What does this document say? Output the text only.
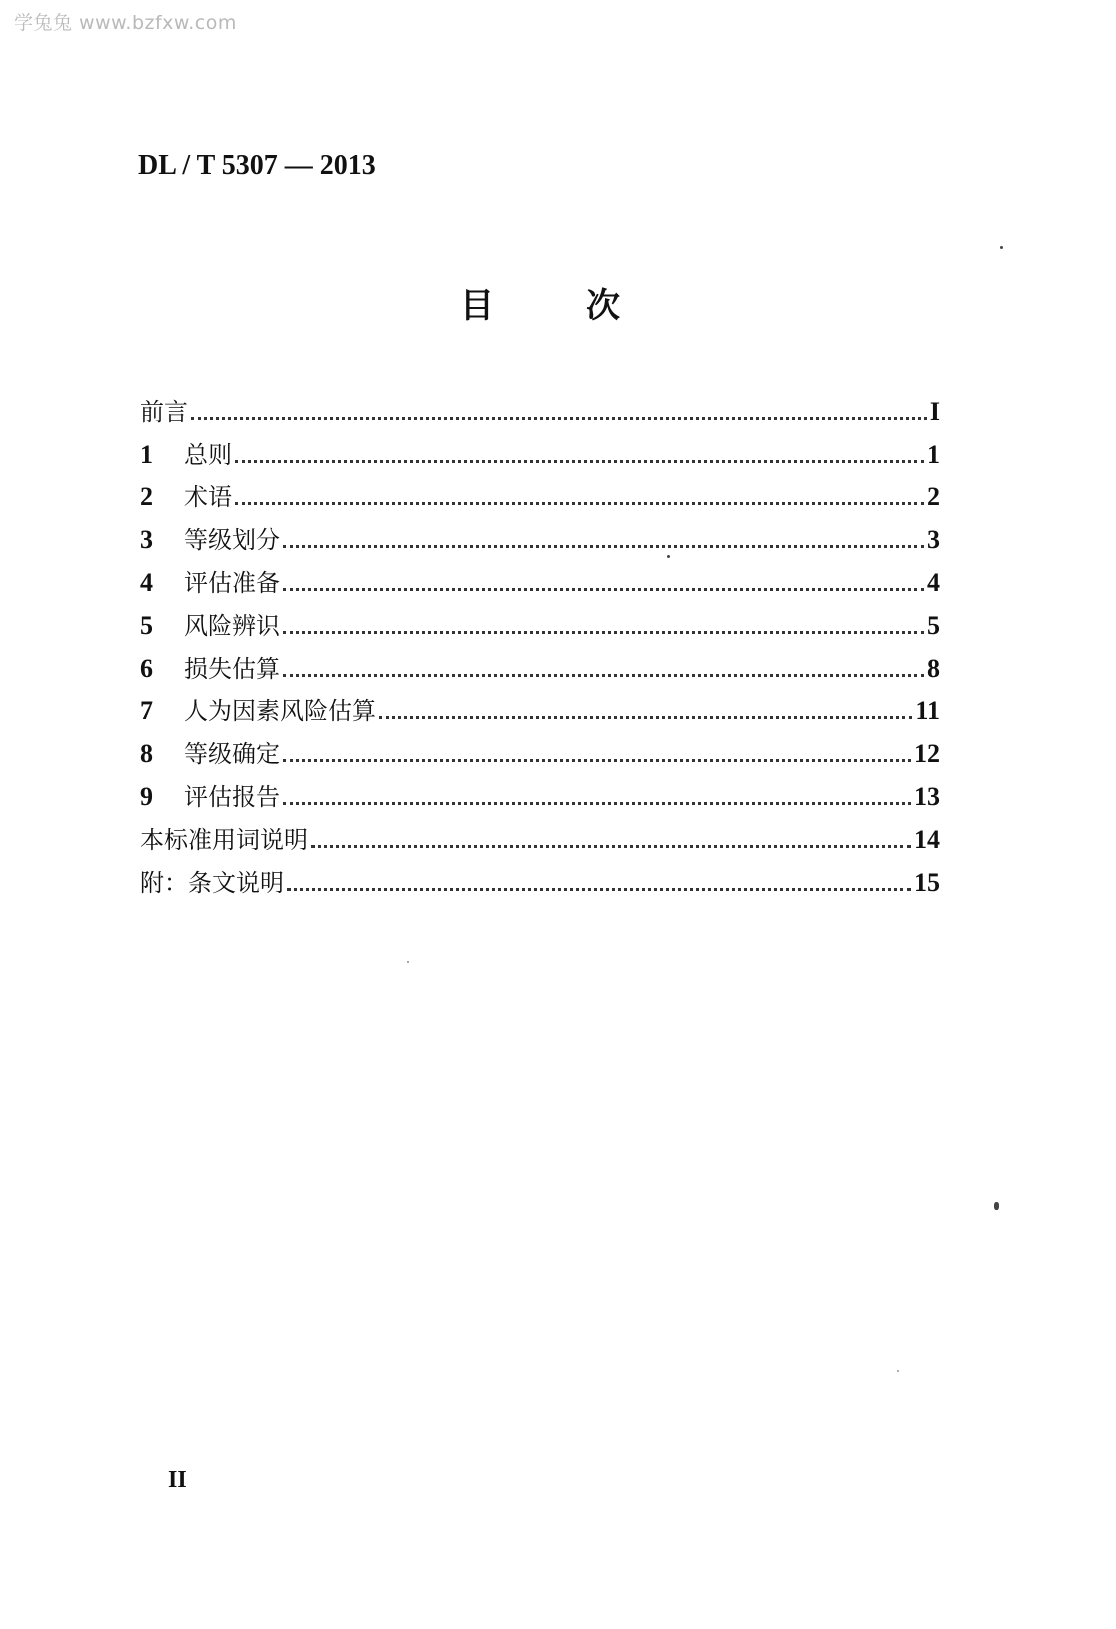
学兔兔 www.bzfxw.com
DL / T 5307 — 2013
目次
前言	I
1	总则	1
2	术语	2
3	等级划分	3
4	评估准备	4
5	风险辨识	5
6	损失估算	8
7	人为因素风险估算	11
8	等级确定	12
9	评估报告	13
本标准用词说明	14
附：条文说明	15
II
